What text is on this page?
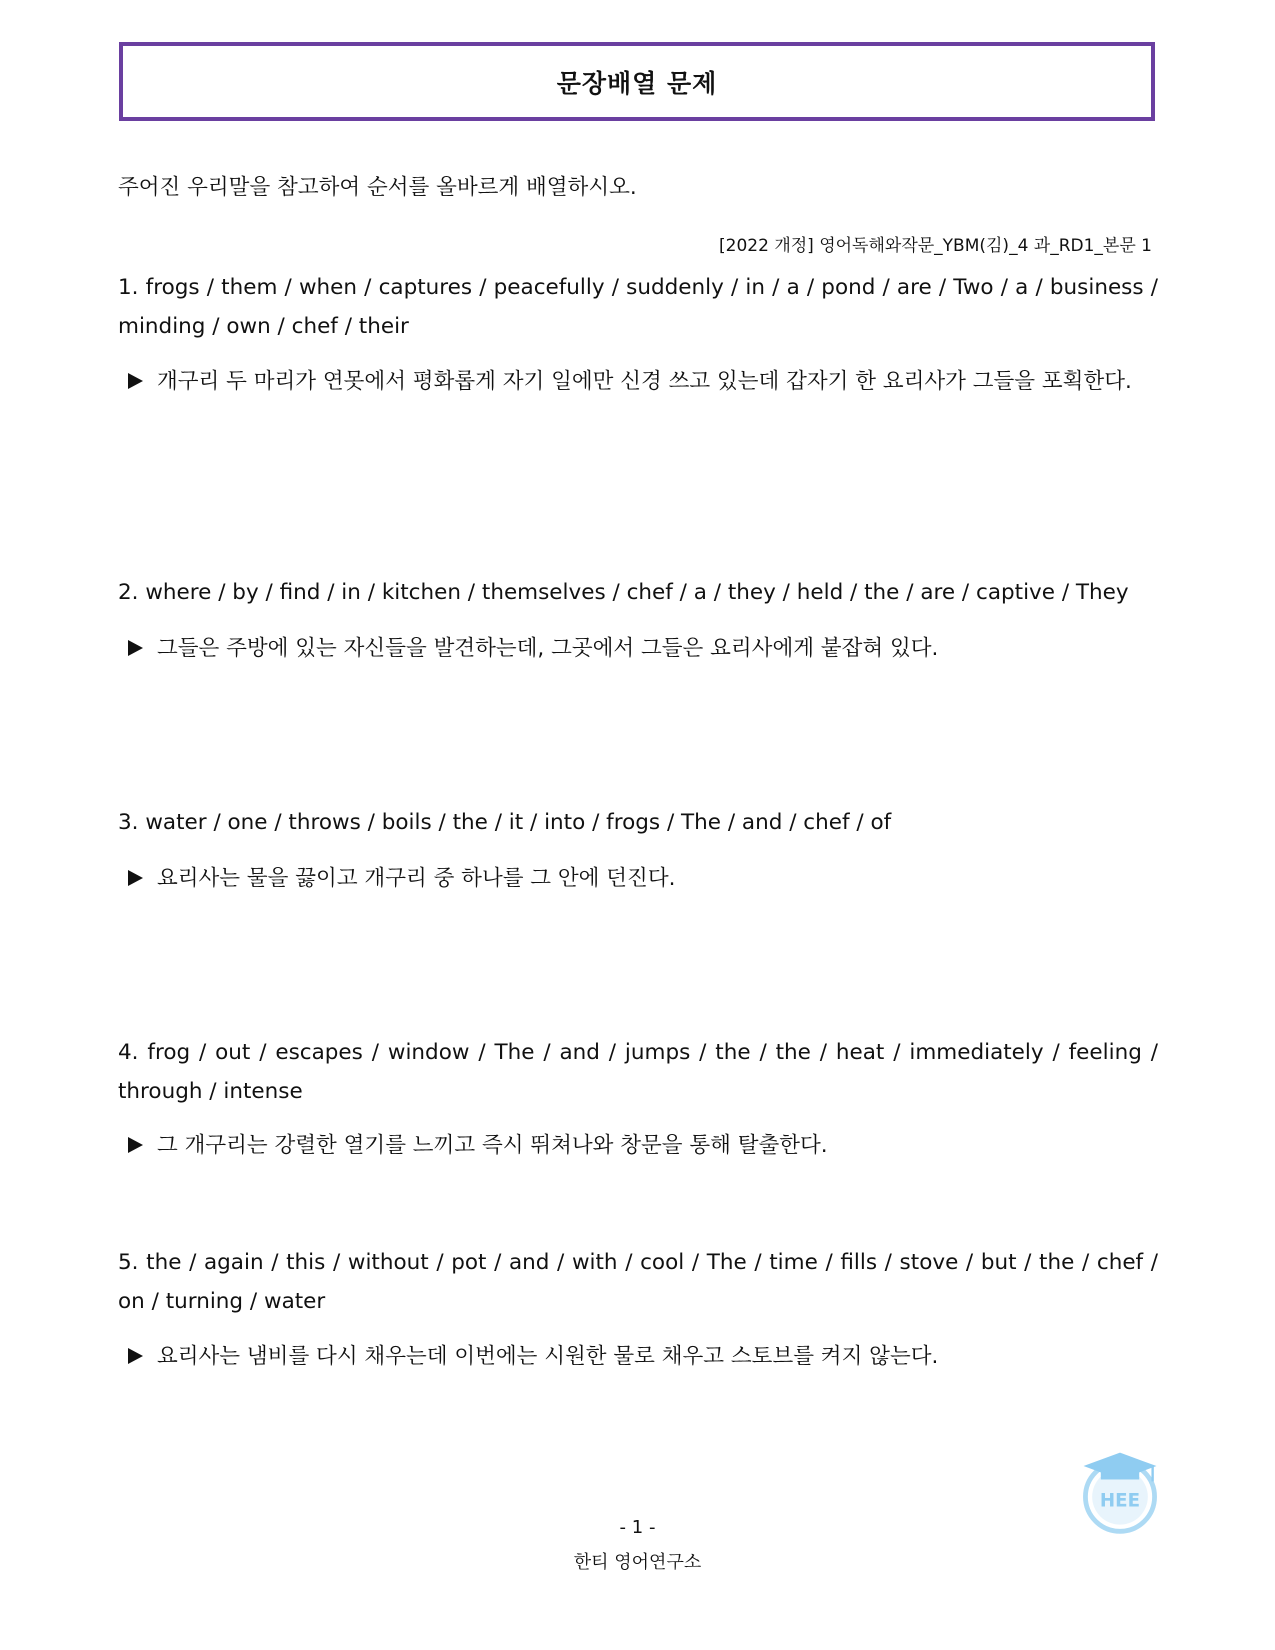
문장배열 문제
주어진 우리말을 참고하여 순서를 올바르게 배열하시오.
[2022 개정] 영어독해와작문_YBM(김)_4 과_RD1_본문 1
1. frogs / them / when / captures / peacefully / suddenly / in / a / pond / are / Two / a / business / minding / own / chef / their
개구리 두 마리가 연못에서 평화롭게 자기 일에만 신경 쓰고 있는데 갑자기 한 요리사가 그들을 포획한다.
2. where / by / find / in / kitchen / themselves / chef / a / they / held / the / are / captive / They
그들은 주방에 있는 자신들을 발견하는데, 그곳에서 그들은 요리사에게 붙잡혀 있다.
3. water / one / throws / boils / the / it / into / frogs / The / and / chef / of
요리사는 물을 끓이고 개구리 중 하나를 그 안에 던진다.
4. frog / out / escapes / window / The / and / jumps / the / the / heat / immediately / feeling / through / intense
그 개구리는 강렬한 열기를 느끼고 즉시 뛰쳐나와 창문을 통해 탈출한다.
5. the / again / this / without / pot / and / with / cool / The / time / fills / stove / but / the / chef / on / turning / water
요리사는 냄비를 다시 채우는데 이번에는 시원한 물로 채우고 스토브를 켜지 않는다.
HEE
- 1 -
한티 영어연구소
